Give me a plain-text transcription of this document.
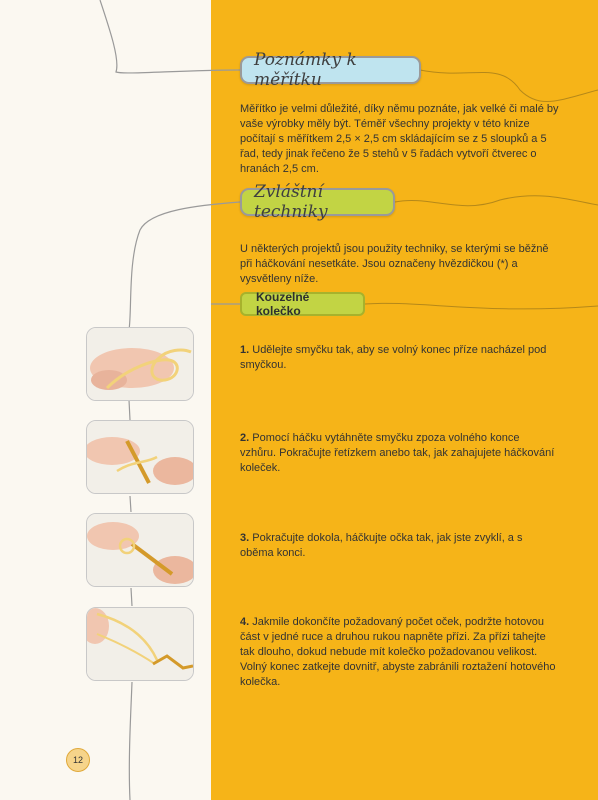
Poznámky k měřítku
Měřítko je velmi důležité, díky němu poznáte, jak velké či malé by vaše výrobky měly být. Téměř všechny projekty v této knize počítají s měřítkem 2,5 × 2,5 cm skládajícím se z 5 sloupků a 5 řad, tedy jinak řečeno že 5 stehů v 5 řadách vytvoří čtverec o hranách 2,5 cm.
Zvláštní techniky
U některých projektů jsou použity techniky, se kterými se běžně při háčkování nesetkáte. Jsou označeny hvězdičkou (*) a vysvětleny níže.
Kouzelné kolečko
1. Udělejte smyčku tak, aby se volný konec příze nacházel pod smyčkou.
2. Pomocí háčku vytáhněte smyčku zpoza volného konce vzhůru. Pokračujte řetízkem anebo tak, jak zahajujete háčkování koleček.
3. Pokračujte dokola, háčkujte očka tak, jak jste zvyklí, a s oběma konci.
4. Jakmile dokončíte požadovaný počet oček, podržte hotovou část v jedné ruce a druhou rukou napněte přízi. Za přízi tahejte tak dlouho, dokud nebude mít kolečko požadovanou velikost. Volný konec zatkejte dovnitř, abyste zabránili roztažení hotového kolečka.
12
